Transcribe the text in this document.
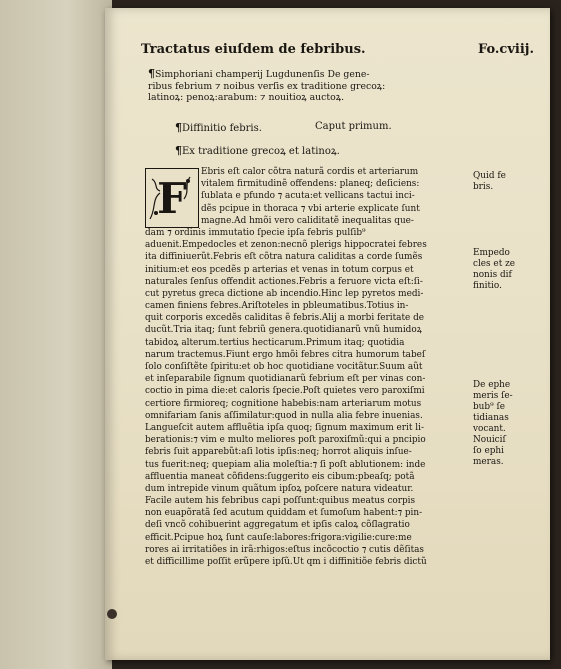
Tractatus eiuſdem de febribus.	Fo.cviij.
¶Simphoriani champerij Lugdunenſis De gene-
ribus febrium ⁊ noibus verſis ex traditione grecoꝝ:
latinoꝝ: penoꝝ:arabum: ⁊ nouitioꝝ auctoꝝ.
¶Diffinitio febris.	Caput primum.
¶Ex traditione grecoꝝ et latinoꝝ.
F
Ebris eſt calor cõtra naturã cordis et arteriarum
vitalem firmitudinẽ offendens: planeq; deſiciens:
ſublata e pfundo ⁊ acuta:et vellicans tactui inci-
dẽs pcipue in thoraca ⁊ vbi arterie explicate ſunt
magne.Ad hmõi vero caliditatẽ inequalitas que-
dam ⁊ ordinis immutatio ſpecie ipſa febris pulſib⁹
aduenit.Empedocles et zenon:necnõ plerigs hippocratei febres
ita diffiniuerũt.Febris eſt cõtra natura caliditas a corde ſumẽs
initium:et eos pcedẽs p arterias et venas in totum corpus et
naturales ſenſus offendit actiones.Febris a feruore victa eſt:ſi-
cut pyretus greca dictione ab incendio.Hinc lep pyretos medi-
camen finiens febres.Ariſtoteles in pbleumatibus.Totius in-
quit corporis excedẽs caliditas ẽ febris.Alij a morbi feritate de
ducũt.Tria itaq; ſunt febriũ genera.quotidianarũ vnũ humidoꝝ
tabidoꝝ alterum.tertius hecticarum.Primum itaq; quotidia
narum tractemus.Fiunt ergo hmõi febres citra humorum tabeſ
ſolo conſiſtẽte ſpiritu:et ob hoc quotidiane vocitãtur.Suum aũt
et inſeparabile ſignum quotidianarũ febrium eſt per vinas con-
coctio in pima die:et caloris ſpecie.Poſt quietes vero paroxiſmi
certiore firmioreq; cognitione habebis:nam arteriarum motus
omnifariam ſanis aſſimilatur:quod in nulla alia febre inuenias.
Langueſcit autem affluẽtia ipſa quoq; ſignum maximum erit li-
berationis:⁊ vim e multo meliores poſt paroxiſmũ:qui a pncipio
febris ſuit apparebũt:aſi lotis ipſis:neq; horrot aliquis inſue-
tus fuerit:neq; quepiam alia moleſtia:⁊ ſi poſt ablutionem: inde
affluentia maneat cõfidens:ſuggerito eis cibum:pbeaſq; potã
dum intrepide vinum quãtum ipſoꝝ poſcere natura videatur.
Facile autem his febribus capi poſſunt:quibus meatus corpis
non euapõratã ſed acutum quiddam et ſumoſum habent:⁊ pin-
deſi vncõ cohibuerint aggregatum et ipſis caloꝝ cõſlagratio
efficit.Pcipue hoꝝ ſunt cauſe:labores:frigora:vigilie:cure:me
rores ai irritatiões in irã:rhigos:eſtus incõcoctio ⁊ cutis dẽſitas
et difficillime poſſit erũpere ipſũ.Ut qm i diffinitiõe febris dictũ
Quid fe
bris.
Empedo
cles et ze
nonis dif
finitio.
De ephe
meris ſe-
bub⁹ ſe
tidianas
vocant.
Nouiciſ
ſo ephi
meras.
